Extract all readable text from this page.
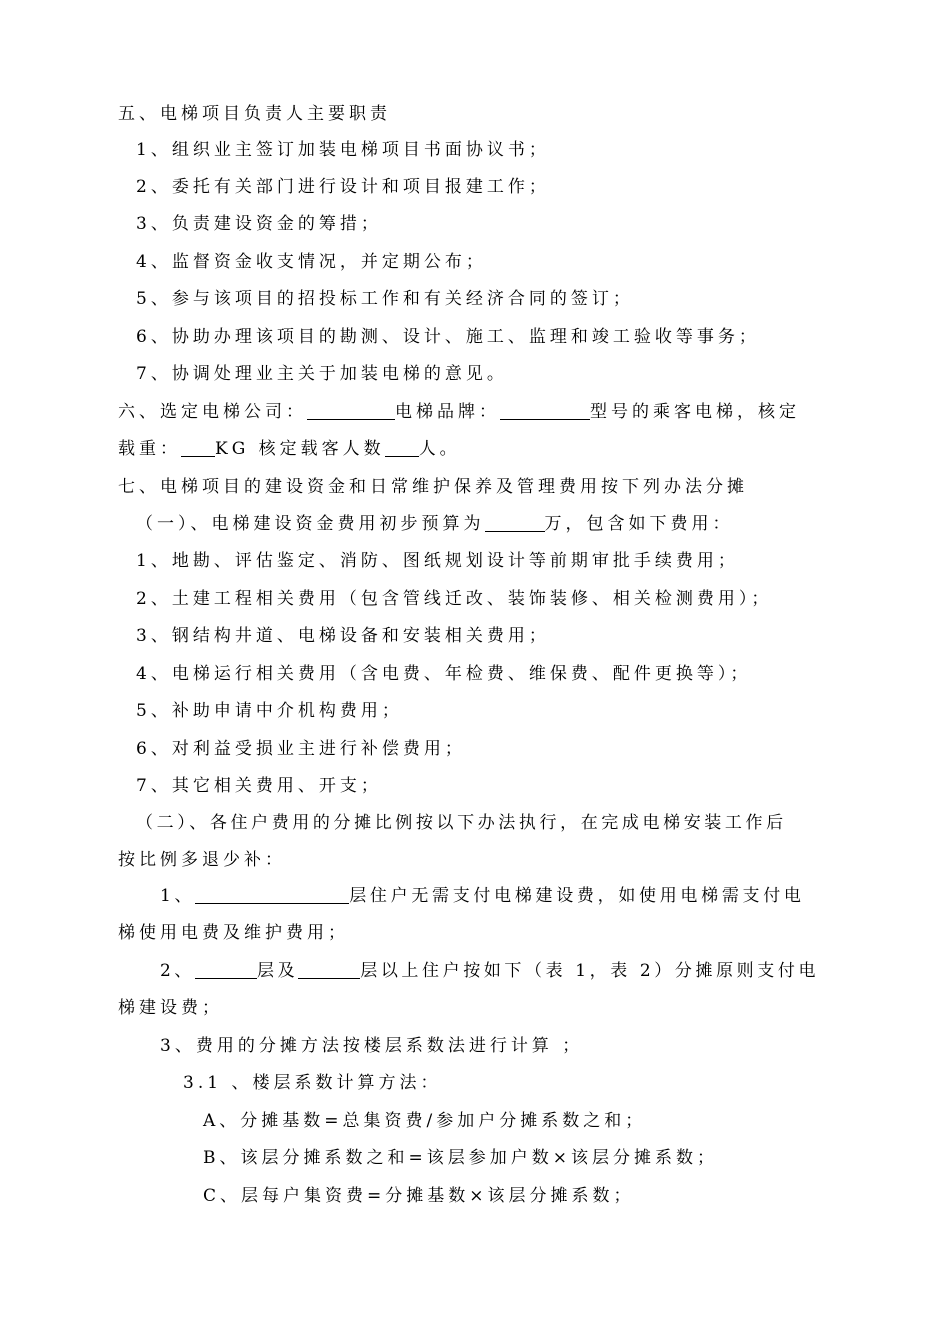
五、电梯项目负责人主要职责
1、组织业主签订加装电梯项目书面协议书；
2、委托有关部门进行设计和项目报建工作；
3、负责建设资金的筹措；
4、监督资金收支情况，并定期公布；
5、参与该项目的招投标工作和有关经济合同的签订；
6、协助办理该项目的勘测、设计、施工、监理和竣工验收等事务；
7、协调处理业主关于加装电梯的意见。
六、选定电梯公司：	电梯品牌：	型号的乘客电梯，核定
载重： KG 核定载客人数 人。
七、电梯项目的建设资金和日常维护保养及管理费用按下列办法分摊
（一）、电梯建设资金费用初步预算为	万，包含如下费用：
1、地勘、评估鉴定、消防、图纸规划设计等前期审批手续费用；
2、土建工程相关费用（包含管线迁改、装饰装修、相关检测费用）；
3、钢结构井道、电梯设备和安装相关费用；
4、电梯运行相关费用（含电费、年检费、维保费、配件更换等）；
5、补助申请中介机构费用；
6、对利益受损业主进行补偿费用；
7、其它相关费用、开支；
（二）、各住户费用的分摊比例按以下办法执行，在完成电梯安装工作后
按比例多退少补：
1、	层住户无需支付电梯建设费，如使用电梯需支付电
梯使用电费及维护费用；
2、	层及	层以上住户按如下（表 1，表 2）分摊原则支付电
梯建设费；
3、费用的分摊方法按楼层系数法进行计算 ；
3.1 、楼层系数计算方法：
A、分摊基数=总集资费/参加户分摊系数之和；
B、该层分摊系数之和=该层参加户数×该层分摊系数；
C、层每户集资费=分摊基数×该层分摊系数；
